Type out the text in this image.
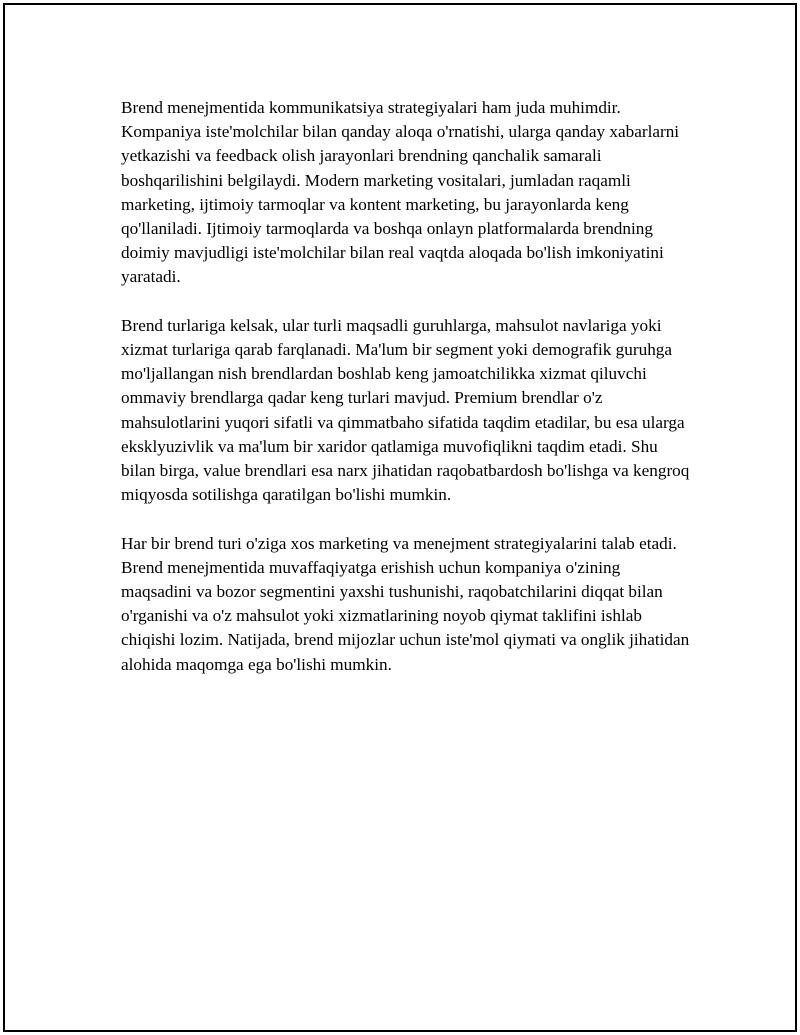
Brend menejmentida kommunikatsiya strategiyalari ham juda muhimdir. Kompaniya iste'molchilar bilan qanday aloqa o'rnatishi, ularga qanday xabarlarni yetkazishi va feedback olish jarayonlari brendning qanchalik samarali boshqarilishini belgilaydi. Modern marketing vositalari, jumladan raqamli marketing, ijtimoiy tarmoqlar va kontent marketing, bu jarayonlarda keng qo'llaniladi. Ijtimoiy tarmoqlarda va boshqa onlayn platformalarda brendning doimiy mavjudligi iste'molchilar bilan real vaqtda aloqada bo'lish imkoniyatini yaratadi.

Brend turlariga kelsak, ular turli maqsadli guruhlarga, mahsulot navlariga yoki xizmat turlariga qarab farqlanadi. Ma'lum bir segment yoki demografik guruhga mo'ljallangan nish brendlardan boshlab keng jamoatchilikka xizmat qiluvchi ommaviy brendlarga qadar keng turlari mavjud. Premium brendlar o'z mahsulotlarini yuqori sifatli va qimmatbaho sifatida taqdim etadilar, bu esa ularga eksklyuzivlik va ma'lum bir xaridor qatlamiga muvofiqlikni taqdim etadi. Shu bilan birga, value brendlari esa narx jihatidan raqobatbardosh bo'lishga va kengroq miqyosda sotilishga qaratilgan bo'lishi mumkin.

Har bir brend turi o'ziga xos marketing va menejment strategiyalarini talab etadi. Brend menejmentida muvaffaqiyatga erishish uchun kompaniya o'zining maqsadini va bozor segmentini yaxshi tushunishi, raqobatchilarini diqqat bilan o'rganishi va o'z mahsulot yoki xizmatlarining noyob qiymat taklifini ishlab chiqishi lozim. Natijada, brend mijozlar uchun iste'mol qiymati va onglik jihatidan alohida maqomga ega bo'lishi mumkin.
